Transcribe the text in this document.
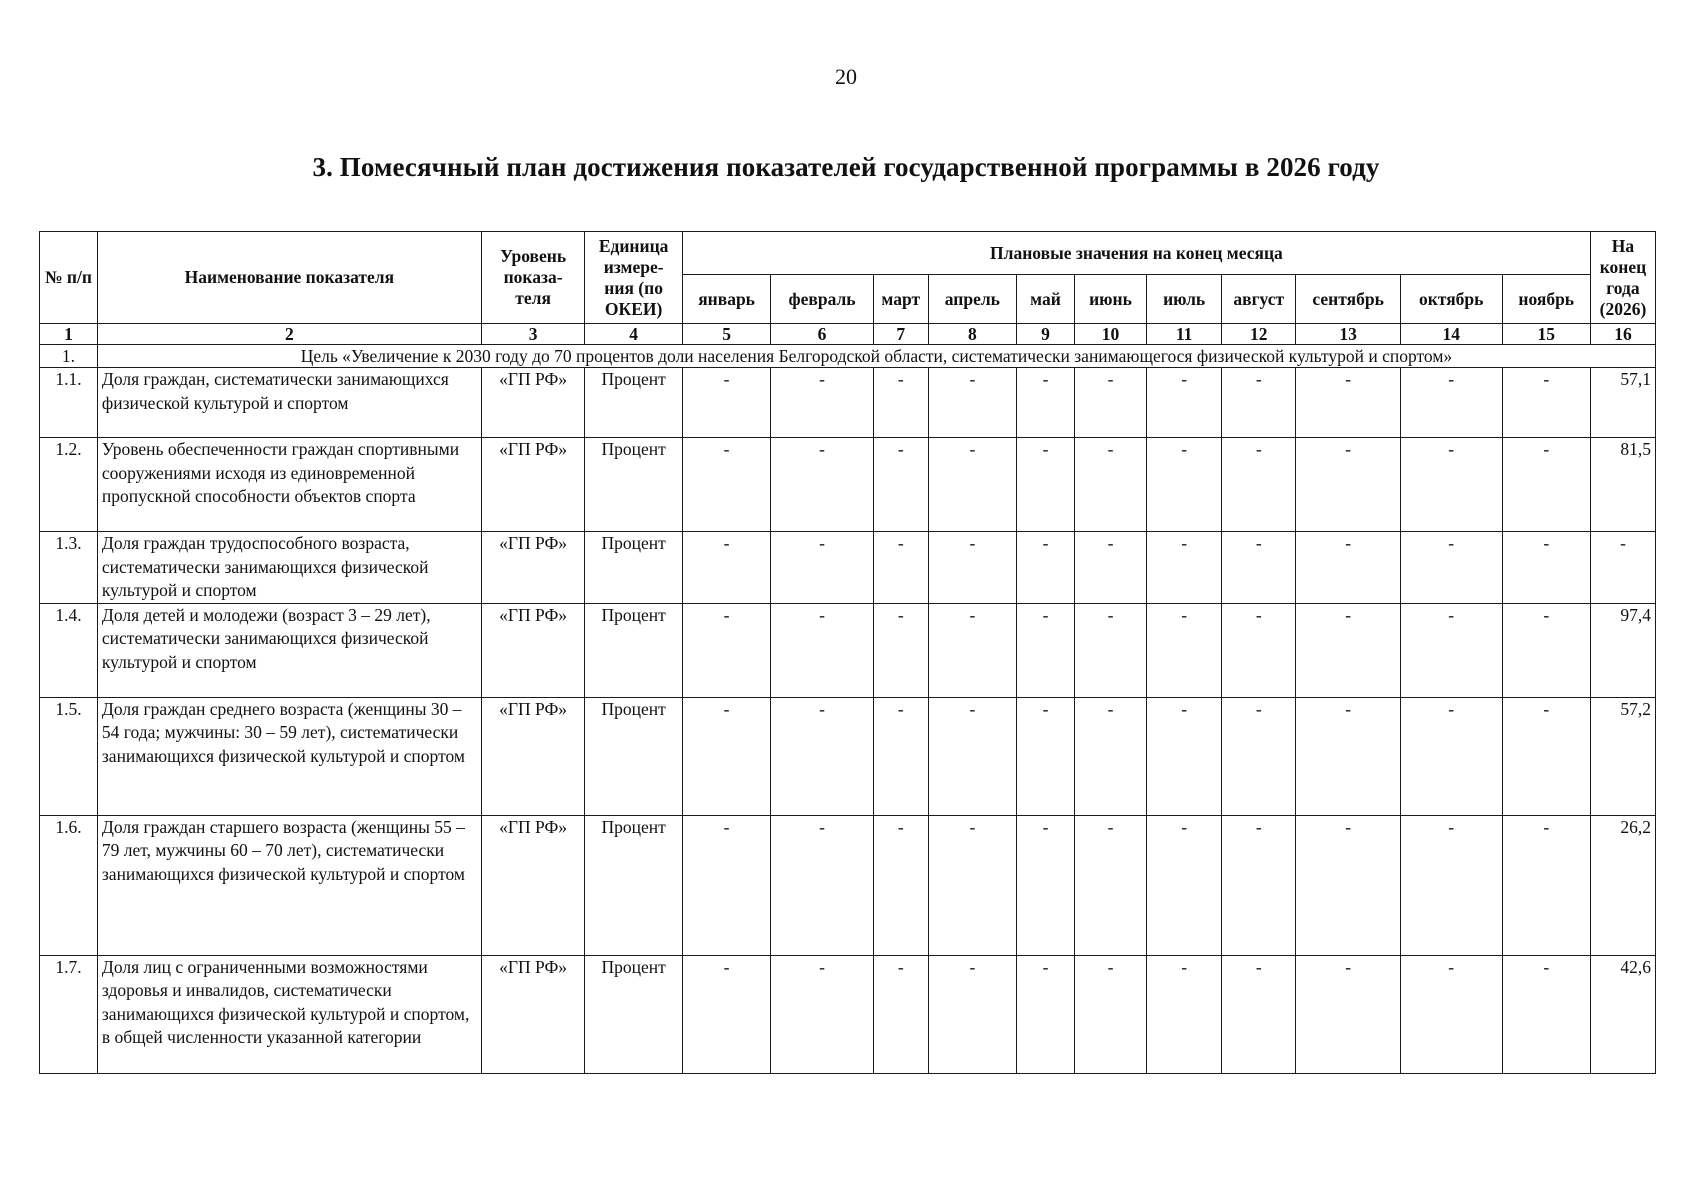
20
3. Помесячный план достижения показателей государственной программы в 2026 году
№ п/п	Наименование показателя	Уровень показа-теля	Единица измере-ния (по ОКЕИ)	Плановые значения на конец месяца											На конец года (2026)
				январь	февраль	март	апрель	май	июнь	июль	август	сентябрь	октябрь	ноябрь	
1	2	3	4	5	6	7	8	9	10	11	12	13	14	15	16
1.	Цель «Увеличение к 2030 году до 70 процентов доли населения Белгородской области, систематически занимающегося физической культурой и спортом»														
1.1.	Доля граждан, систематически занимающихся физической культурой и спортом	«ГП РФ»	Процент	-	-	-	-	-	-	-	-	-	-	-	57,1
1.2.	Уровень обеспеченности граждан спортивными сооружениями исходя из единовременной пропускной способности объектов спорта	«ГП РФ»	Процент	-	-	-	-	-	-	-	-	-	-	-	81,5
1.3.	Доля граждан трудоспособного возраста, систематически занимающихся физической культурой и спортом	«ГП РФ»	Процент	-	-	-	-	-	-	-	-	-	-	-	-
1.4.	Доля детей и молодежи (возраст 3 – 29 лет), систематически занимающихся физической культурой и спортом	«ГП РФ»	Процент	-	-	-	-	-	-	-	-	-	-	-	97,4
1.5.	Доля граждан среднего возраста (женщины 30 – 54 года; мужчины: 30 – 59 лет), систематически занимающихся физической культурой и спортом	«ГП РФ»	Процент	-	-	-	-	-	-	-	-	-	-	-	57,2
1.6.	Доля граждан старшего возраста (женщины 55 – 79 лет, мужчины 60 – 70 лет), систематически занимающихся физической культурой и спортом	«ГП РФ»	Процент	-	-	-	-	-	-	-	-	-	-	-	26,2
1.7.	Доля лиц с ограниченными возможностями здоровья и инвалидов, систематически занимающихся физической культурой и спортом, в общей численности указанной категории	«ГП РФ»	Процент	-	-	-	-	-	-	-	-	-	-	-	42,6
